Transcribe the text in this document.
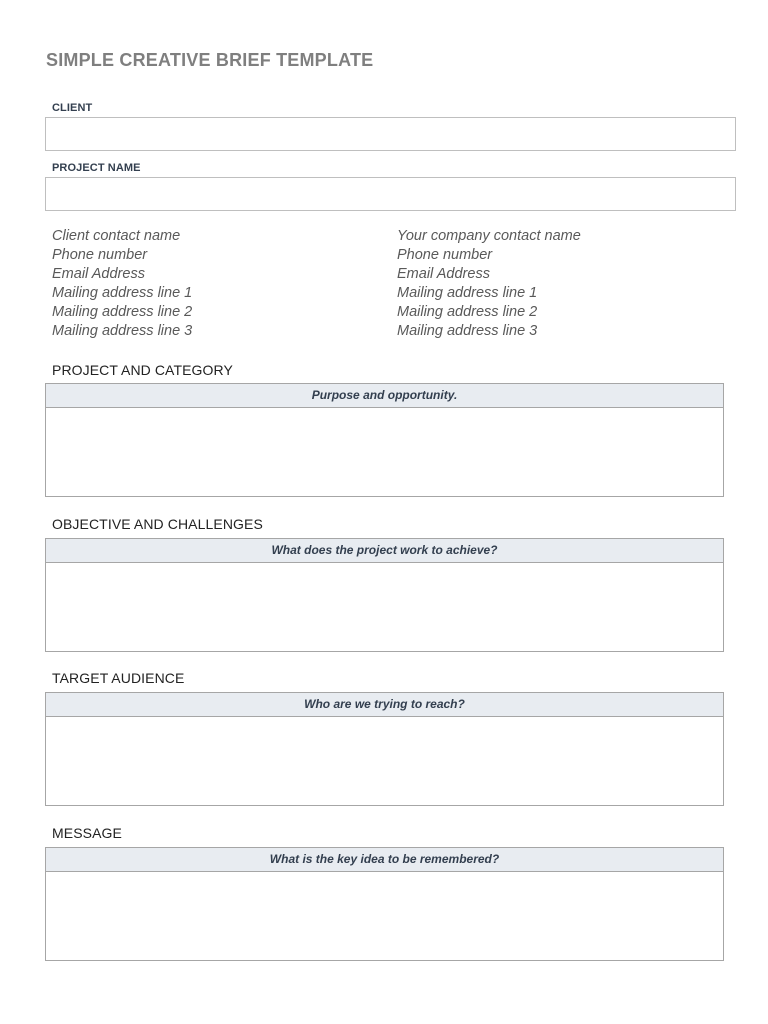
SIMPLE CREATIVE BRIEF TEMPLATE
CLIENT
PROJECT NAME
Client contact name
Phone number
Email Address
Mailing address line 1
Mailing address line 2
Mailing address line 3
Your company contact name
Phone number
Email Address
Mailing address line 1
Mailing address line 2
Mailing address line 3
PROJECT AND CATEGORY
Purpose and opportunity.
OBJECTIVE AND CHALLENGES
What does the project work to achieve?
TARGET AUDIENCE
Who are we trying to reach?
MESSAGE
What is the key idea to be remembered?
